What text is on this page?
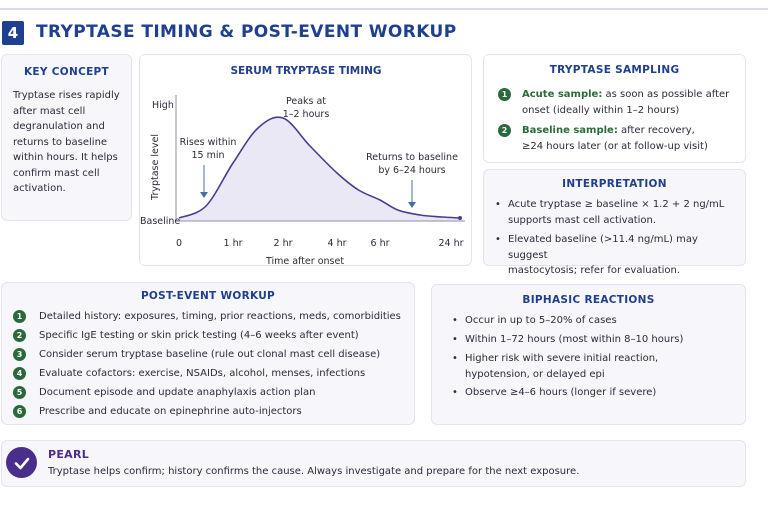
4	TRYPTASE TIMING & POST-EVENT WORKUP
KEY CONCEPT
Tryptase rises rapidly
after mast cell
degranulation and
returns to baseline
within hours. It helps
confirm mast cell
activation.
SERUM TRYPTASE TIMING
High
Baseline
Tryptase level
Time after onset
0	1 hr	2 hr	4 hr	6 hr	24 hr
Rises within
15 min
Peaks at
1–2 hours
Returns to baseline
by 6–24 hours
TRYPTASE SAMPLING
1	Acute sample: as soon as possible after
onset (ideally within 1–2 hours)
2	Baseline sample: after recovery,
≥24 hours later (or at follow-up visit)
INTERPRETATION
• Acute tryptase ≥ baseline × 1.2 + 2 ng/mL
supports mast cell activation.
• Elevated baseline (>11.4 ng/mL) may suggest
mastocytosis; refer for evaluation.
POST-EVENT WORKUP
1	Detailed history: exposures, timing, prior reactions, meds, comorbidities
2	Specific IgE testing or skin prick testing (4–6 weeks after event)
3	Consider serum tryptase baseline (rule out clonal mast cell disease)
4	Evaluate cofactors: exercise, NSAIDs, alcohol, menses, infections
5	Document episode and update anaphylaxis action plan
6	Prescribe and educate on epinephrine auto-injectors
BIPHASIC REACTIONS
• Occur in up to 5–20% of cases
• Within 1–72 hours (most within 8–10 hours)
• Higher risk with severe initial reaction,
hypotension, or delayed epi
• Observe ≥4–6 hours (longer if severe)
PEARL
Tryptase helps confirm; history confirms the cause. Always investigate and prepare for the next exposure.
